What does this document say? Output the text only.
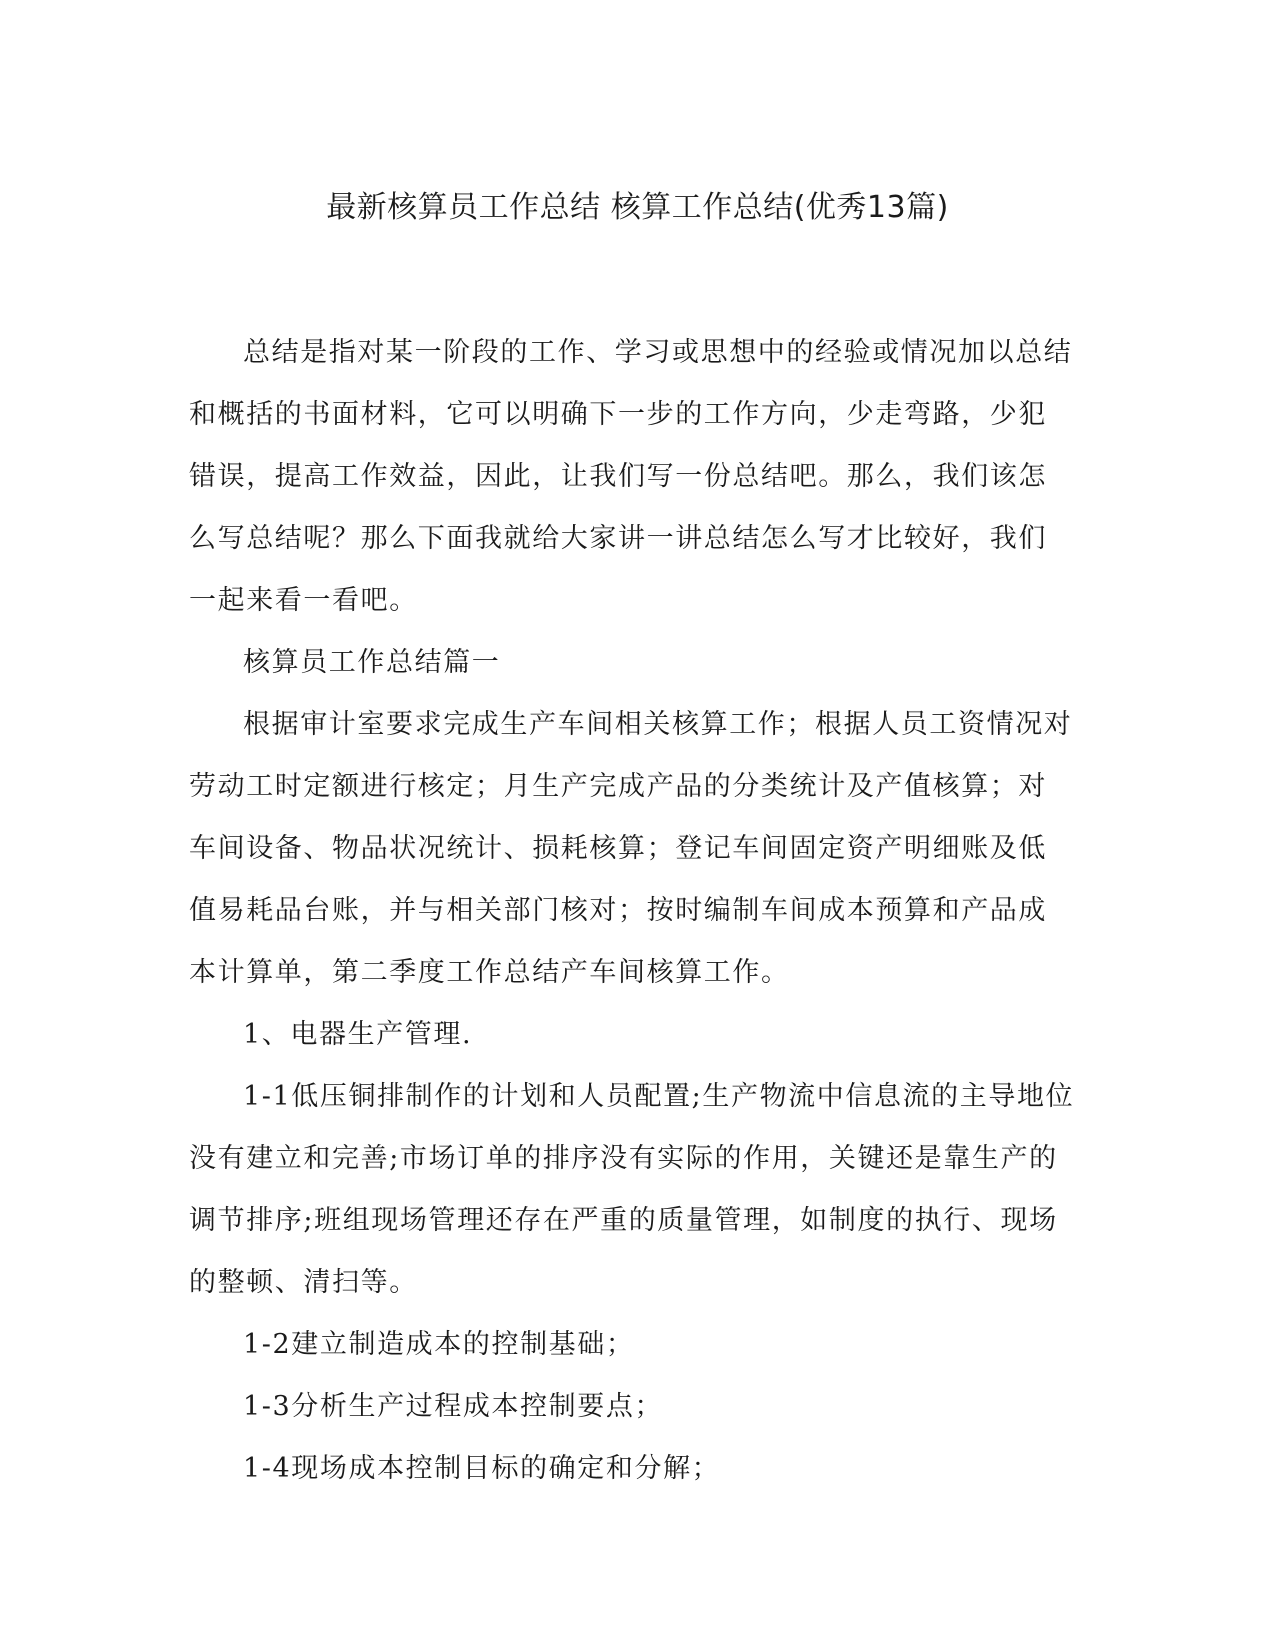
最新核算员工作总结 核算工作总结(优秀13篇)

总结是指对某一阶段的工作、学习或思想中的经验或情况加以总结和概括的书面材料，它可以明确下一步的工作方向，少走弯路，少犯错误，提高工作效益，因此，让我们写一份总结吧。那么，我们该怎么写总结呢？那么下面我就给大家讲一讲总结怎么写才比较好，我们一起来看一看吧。

核算员工作总结篇一

根据审计室要求完成生产车间相关核算工作；根据人员工资情况对劳动工时定额进行核定；月生产完成产品的分类统计及产值核算；对车间设备、物品状况统计、损耗核算；登记车间固定资产明细账及低值易耗品台账，并与相关部门核对；按时编制车间成本预算和产品成本计算单，第二季度工作总结产车间核算工作。

1、电器生产管理.

1-1低压铜排制作的计划和人员配置;生产物流中信息流的主导地位没有建立和完善;市场订单的排序没有实际的作用，关键还是靠生产的调节排序;班组现场管理还存在严重的质量管理，如制度的执行、现场的整顿、清扫等。

1-2建立制造成本的控制基础；

1-3分析生产过程成本控制要点；

1-4现场成本控制目标的确定和分解；
